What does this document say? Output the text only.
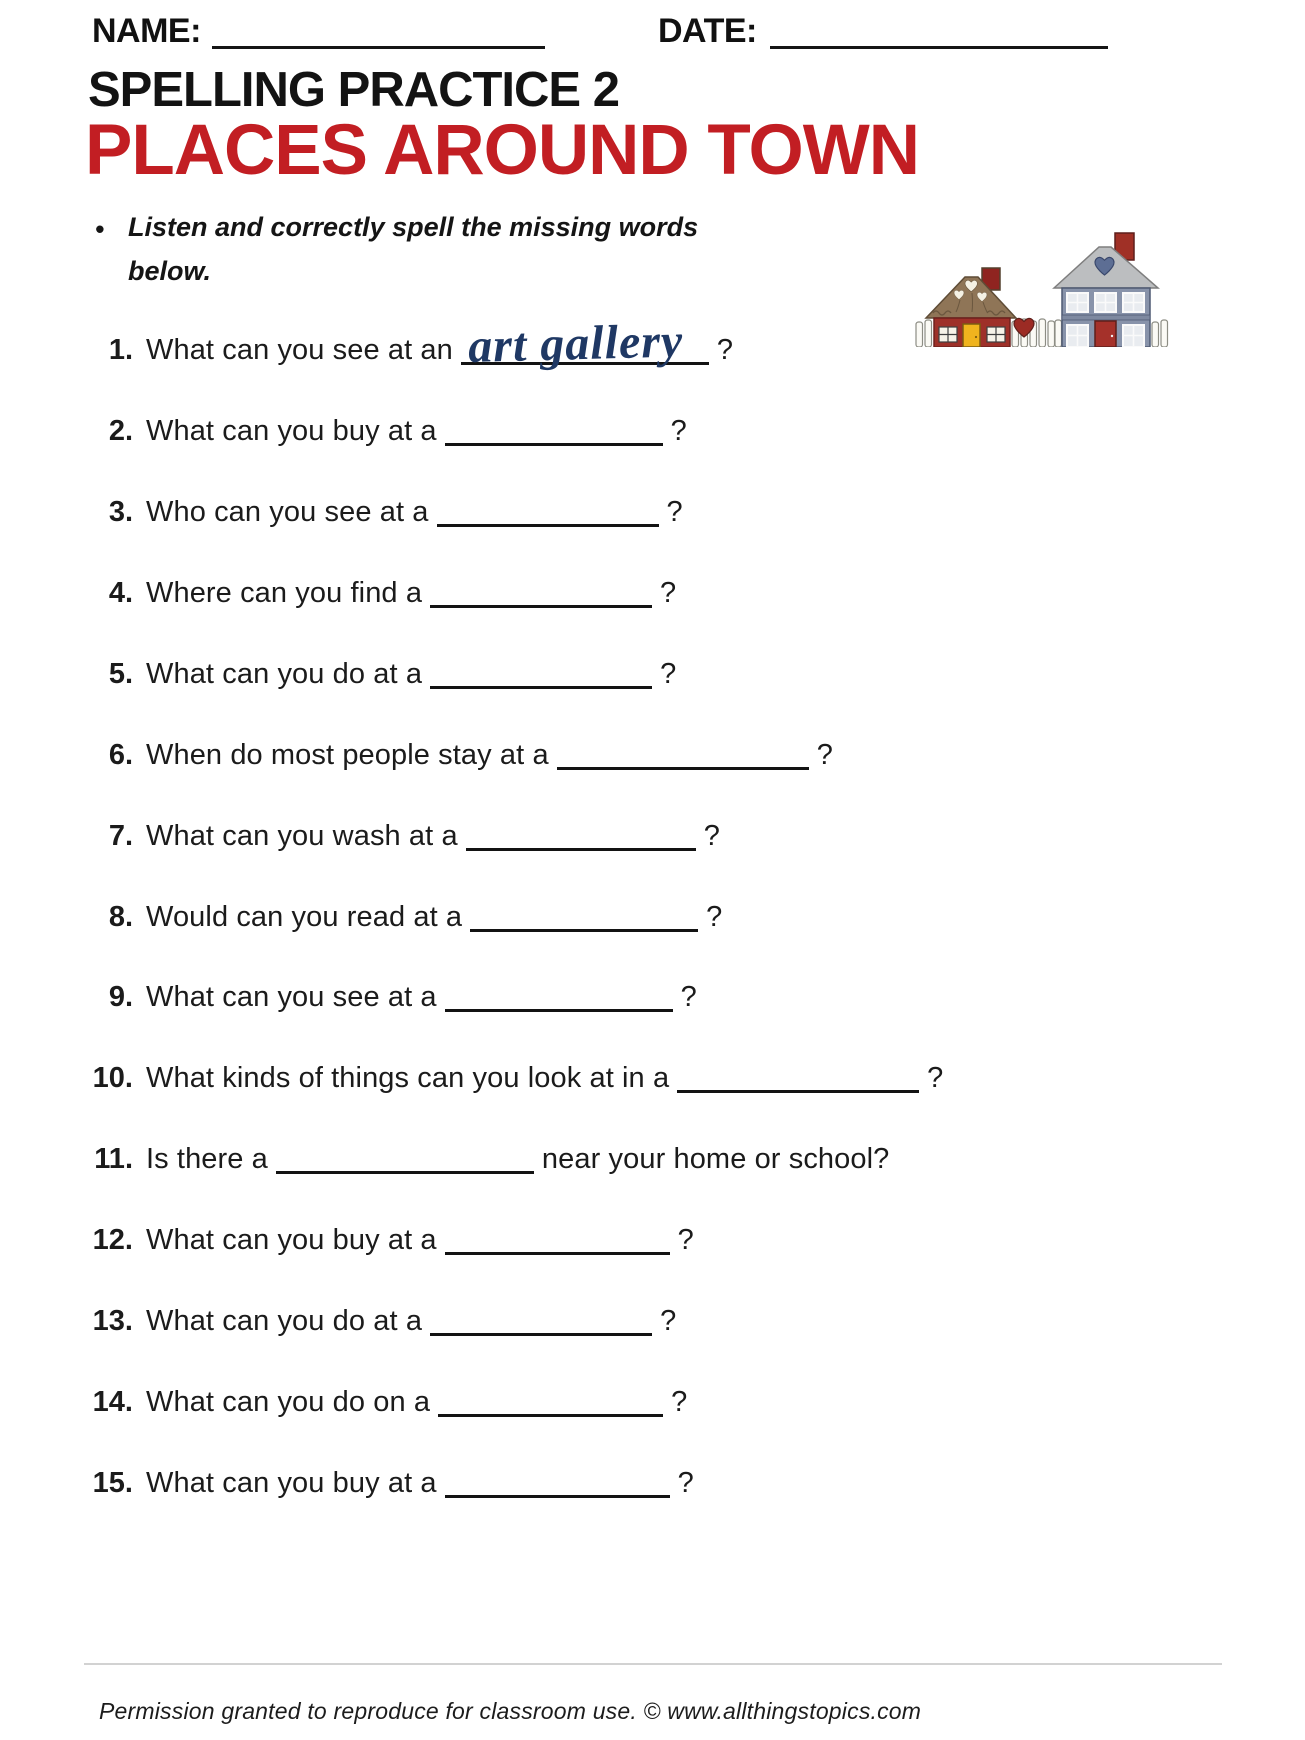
NAME:	DATE:
SPELLING PRACTICE 2
PLACES AROUND TOWN
• Listen and correctly spell the missing words below.
1. What can you see at an art gallery ?
2. What can you buy at a	?
3. Who can you see at a	?
4. Where can you find a	?
5. What can you do at a	?
6. When do most people stay at a	?
7. What can you wash at a	?
8. Would can you read at a	?
9. What can you see at a	?
10. What kinds of things can you look at in a	?
11. Is there a	near your home or school?
12. What can you buy at a	?
13. What can you do at a	?
14. What can you do on a	?
15. What can you buy at a	?
Permission granted to reproduce for classroom use. © www.allthingstopics.com
